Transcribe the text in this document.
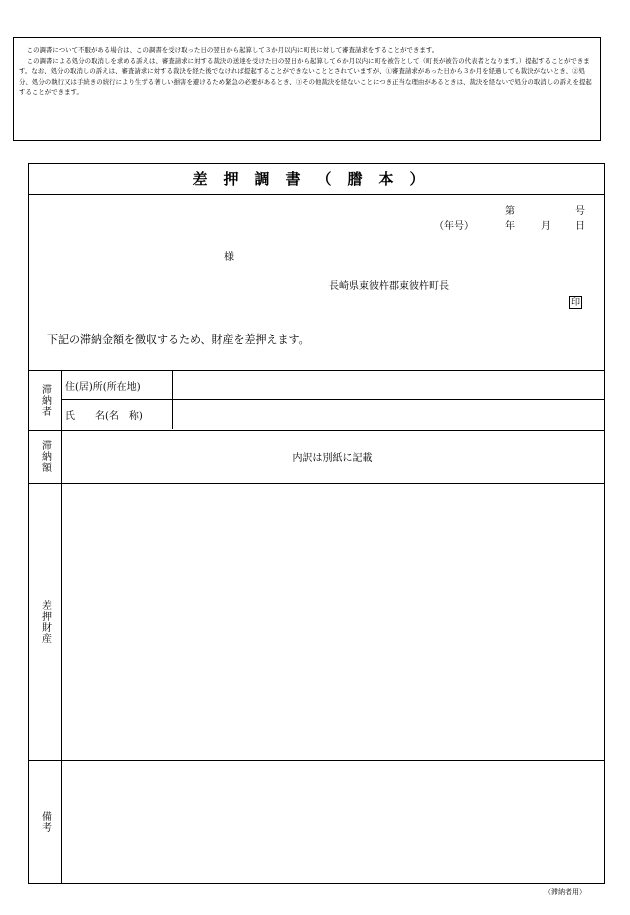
この調書について不服がある場合は、この調書を受け取った日の翌日から起算して３か月以内に町長に対して審査請求をすることができます。

この調書による処分の取消しを求める訴えは、審査請求に対する裁決の送達を受けた日の翌日から起算して６か月以内に町を被告として（町長が被告の代表者となります。）提起することができます。なお、処分の取消しの訴えは、審査請求に対する裁決を経た後でなければ提起することができないこととされていますが、①審査請求があった日から３か月を経過しても裁決がないとき、②処分、処分の執行又は手続きの続行により生ずる著しい損害を避けるため緊急の必要があるとき、③その他裁決を経ないことにつき正当な理由があるときは、裁決を経ないで処分の取消しの訴えを提起することができます。

差押調書（謄本）
第	号
（年号）	年	月 日
様
長崎県東彼杵郡東彼杵町長
印
下記の滞納金額を徴収するため、財産を差押えます。
滞納者	住(居)所(所在地)
氏　　名(名　称)
滞納額	内訳は別紙に記載
差押財産
備考
（滞納者用）
